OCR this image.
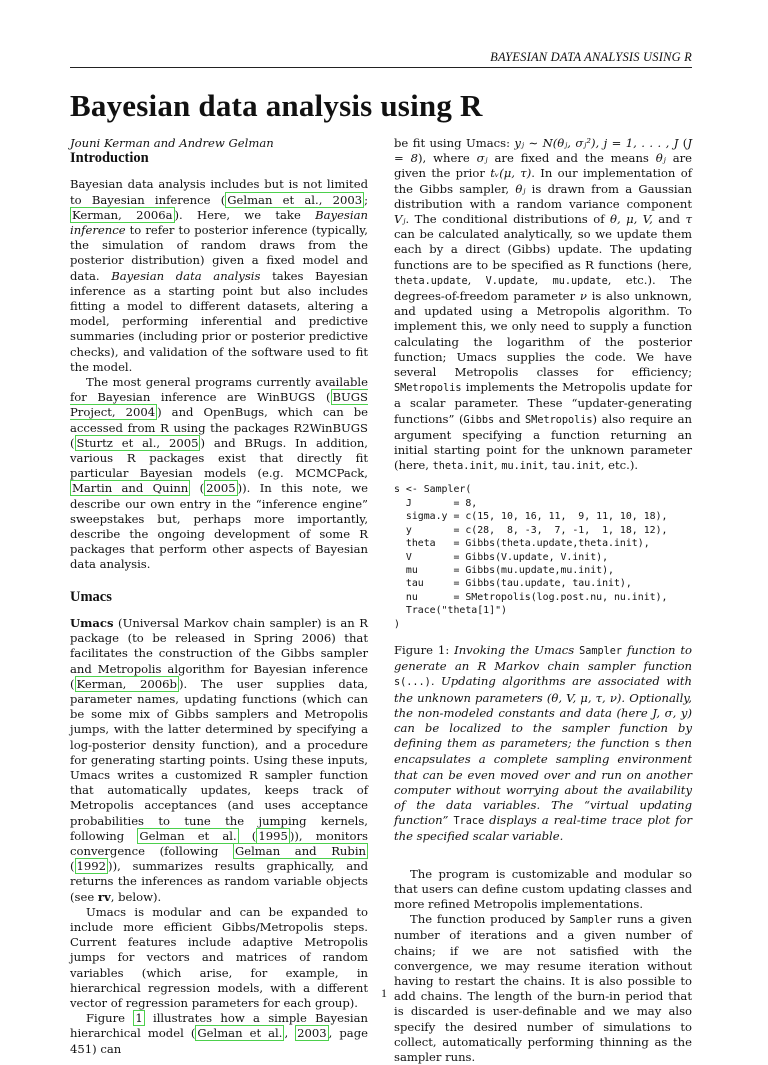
BAYESIAN DATA ANALYSIS USING R
Bayesian data analysis using R

Jouni Kerman and Andrew Gelman

Introduction

Bayesian data analysis includes but is not limited to Bayesian inference ( Gelman et al., 2003 ; Kerman, 2006a ). Here, we take Bayesian inference to refer to posterior inference (typically, the simulation of random draws from the posterior distribution) given a fixed model and data. Bayesian data analysis takes Bayesian inference as a starting point but also includes fitting a model to different datasets, altering a model, performing inferential and predictive summaries (including prior or posterior predictive checks), and validation of the software used to fit the model.

The most general programs currently available for Bayesian inference are WinBUGS ( BUGS Project, 2004 ) and OpenBugs, which can be accessed from R using the packages R2WinBUGS ( Sturtz et al., 2005 ) and BRugs. In addition, various R packages exist that directly fit particular Bayesian models (e.g. MCMCPack, Martin and Quinn ( 2005 )). In this note, we describe our own entry in the “inference engine” sweepstakes but, perhaps more importantly, describe the ongoing development of some R packages that perform other aspects of Bayesian data analysis.

Umacs

Umacs (Universal Markov chain sampler) is an R package (to be released in Spring 2006) that facilitates the construction of the Gibbs sampler and Metropolis algorithm for Bayesian inference ( Kerman, 2006b ). The user supplies data, parameter names, updating functions (which can be some mix of Gibbs samplers and Metropolis jumps, with the latter determined by specifying a log-posterior density function), and a procedure for generating starting points. Using these inputs, Umacs writes a customized R sampler function that automatically updates, keeps track of Metropolis acceptances (and uses acceptance probabilities to tune the jumping kernels, following Gelman et al. ( 1995 )), monitors convergence (following Gelman and Rubin ( 1992 )), summarizes results graphically, and returns the inferences as random variable objects (see rv, below).

Umacs is modular and can be expanded to include more efficient Gibbs/Metropolis steps. Current features include adaptive Metropolis jumps for vectors and matrices of random variables (which arise, for example, in hierarchical regression models, with a different vector of regression parameters for each group).

Figure 1 illustrates how a simple Bayesian hierarchical model ( Gelman et al. , 2003 , page 451) can

be fit using Umacs: yⱼ ∼ N(θⱼ, σⱼ²), j = 1, . . . , J (J = 8), where σⱼ are fixed and the means θⱼ are given the prior tᵥ(μ, τ). In our implementation of the Gibbs sampler, θⱼ is drawn from a Gaussian distribution with a random variance component Vⱼ. The conditional distributions of θ, μ, V, and τ can be calculated analytically, so we update them each by a direct (Gibbs) update. The updating functions are to be specified as R functions (here, theta.update, V.update, mu.update, etc.). The degrees-of-freedom parameter ν is also unknown, and updated using a Metropolis algorithm. To implement this, we only need to supply a function calculating the logarithm of the posterior function; Umacs supplies the code. We have several Metropolis classes for efficiency; SMetropolis implements the Metropolis update for a scalar parameter. These “updater-generating functions” (Gibbs and SMetropolis) also require an argument specifying a function returning an initial starting point for the unknown parameter (here, theta.init, mu.init, tau.init, etc.).

s <- Sampler(
J       = 8,
sigma.y = c(15, 10, 16, 11,  9, 11, 10, 18),
y       = c(28,  8, -3,  7, -1,  1, 18, 12),
theta   = Gibbs(theta.update,theta.init),
V       = Gibbs(V.update, V.init),
mu      = Gibbs(mu.update,mu.init),
tau     = Gibbs(tau.update, tau.init),
nu      = SMetropolis(log.post.nu, nu.init),
Trace("theta[1]")
)

Figure 1: Invoking the Umacs Sampler function to generate an R Markov chain sampler function s(...). Updating algorithms are associated with the unknown parameters (θ, V, μ, τ, ν). Optionally, the non-modeled constants and data (here J, σ, y) can be localized to the sampler function by defining them as parameters; the function s then encapsulates a complete sampling environment that can be even moved over and run on another computer without worrying about the availability of the data variables. The “virtual updating function” Trace displays a real-time trace plot for the specified scalar variable.

The program is customizable and modular so that users can define custom updating classes and more refined Metropolis implementations.

The function produced by Sampler runs a given number of iterations and a given number of chains; if we are not satisfied with the convergence, we may resume iteration without having to restart the chains. It is also possible to add chains. The length of the burn-in period that is discarded is user-definable and we may also specify the desired number of simulations to collect, automatically performing thinning as the sampler runs.

1
